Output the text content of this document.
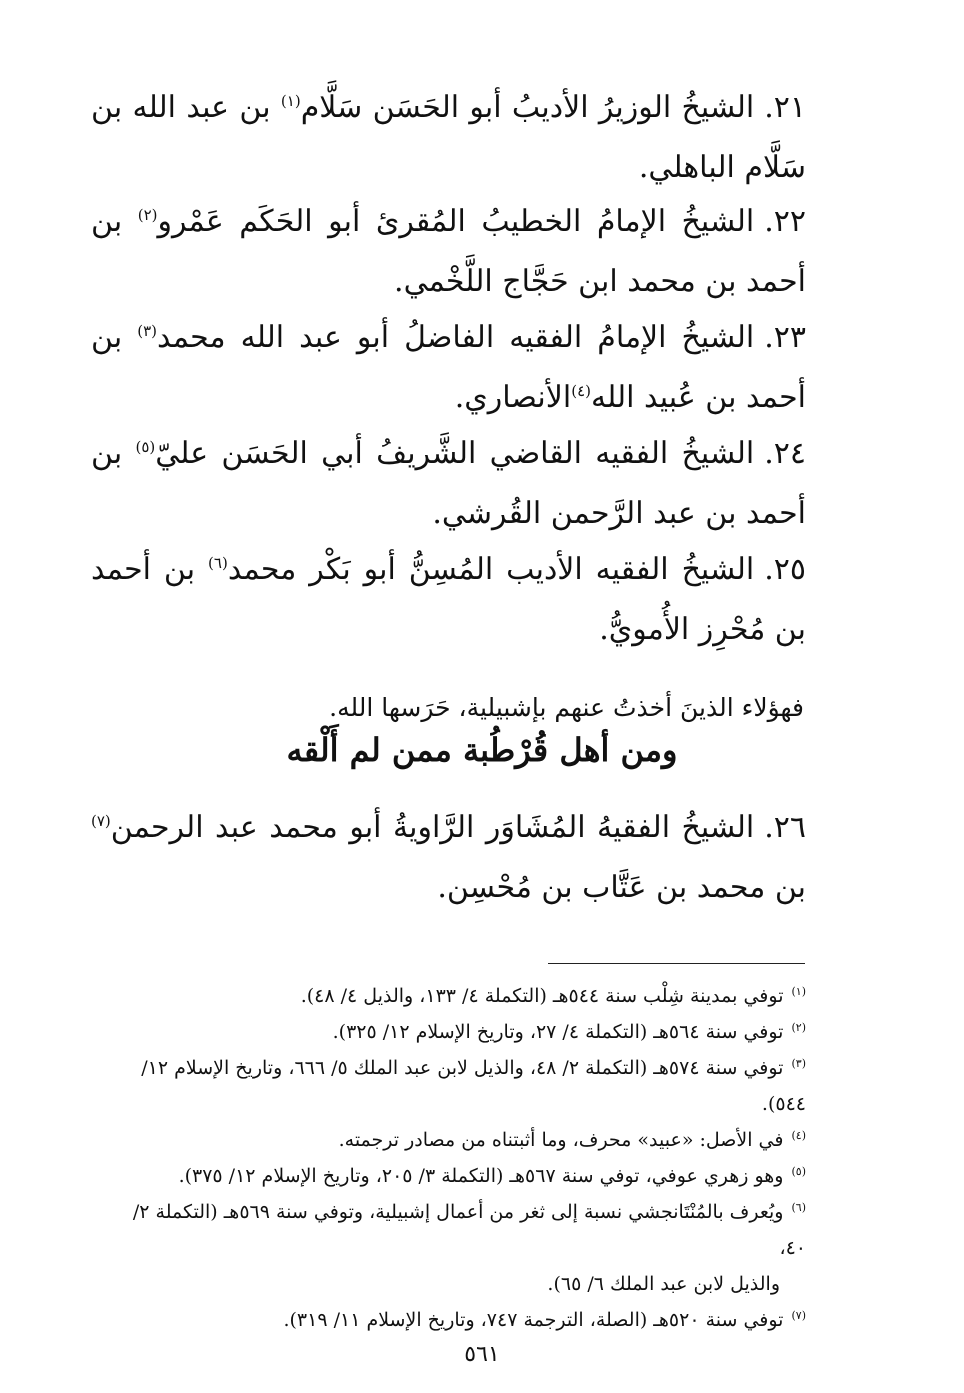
٢١.الشيخُ الوزيرُ الأديبُ أبو الحَسَن سَلَّام$^{(١)}$ بن عبد الله بن سَلَّام الباهلي.
٢٢.الشيخُ الإمامُ الخطيبُ المُقرئ أبو الحَكَم عَمْرو$^{(٢)}$ بن أحمد بن محمد ابن حَجَّاج اللَّخْمي.
٢٣.الشيخُ الإمامُ الفقيه الفاضلُ أبو عبد الله محمد$^{(٣)}$ بن أحمد بن عُبيد الله$^{(٤)}$الأنصاري.
٢٤.الشيخُ الفقيه القاضي الشَّريفُ أبي الحَسَن عليّ$^{(٥)}$ بن أحمد بن عبد الرَّحمن القُرشي.
٢٥.الشيخُ الفقيه الأديب المُسِنُّ أبو بَكْر محمد$^{(٦)}$ بن أحمد بن مُحْرِز الأُمويُّ.
فهؤلاء الذينَ أخذتُ عنهم بإشبيلية، حَرَسها الله.
ومن أهل قُرْطُبة ممن لم أَلْقه
٢٦.الشيخُ الفقيهُ المُشَاوَر الرَّاويةُ أبو محمد عبد الرحمن$^{(٧)}$ بن محمد بن عَتَّاب بن مُحْسِن.

$^{(١)}$توفي بمدينة شِلْب سنة ٥٤٤هـ (التكملة ٤/ ١٣٣، والذيل ٤/ ٤٨).

$^{(٢)}$توفي سنة ٥٦٤هـ (التكملة ٤/ ٢٧، وتاريخ الإسلام ١٢/ ٣٢٥).

$^{(٣)}$توفي سنة ٥٧٤هـ (التكملة ٢/ ٤٨، والذيل لابن عبد الملك ٥/ ٦٦٦، وتاريخ الإسلام ١٢/ ٥٤٤).

$^{(٤)}$في الأصل: «عبيد» محرف، وما أثبتناه من مصادر ترجمته.

$^{(٥)}$وهو زهري عوفي، توفي سنة ٥٦٧هـ (التكملة ٣/ ٢٠٥، وتاريخ الإسلام ١٢/ ٣٧٥).

$^{(٦)}$ويُعرف بالمُنْتَانجشي نسبة إلى ثغر من أعمال إشبيلية، وتوفي سنة ٥٦٩هـ (التكملة ٢/ ٤٠،

والذيل لابن عبد الملك ٦/ ٦٥).

$^{(٧)}$توفي سنة ٥٢٠هـ (الصلة، الترجمة ٧٤٧، وتاريخ الإسلام ١١/ ٣١٩).

٥٦١
